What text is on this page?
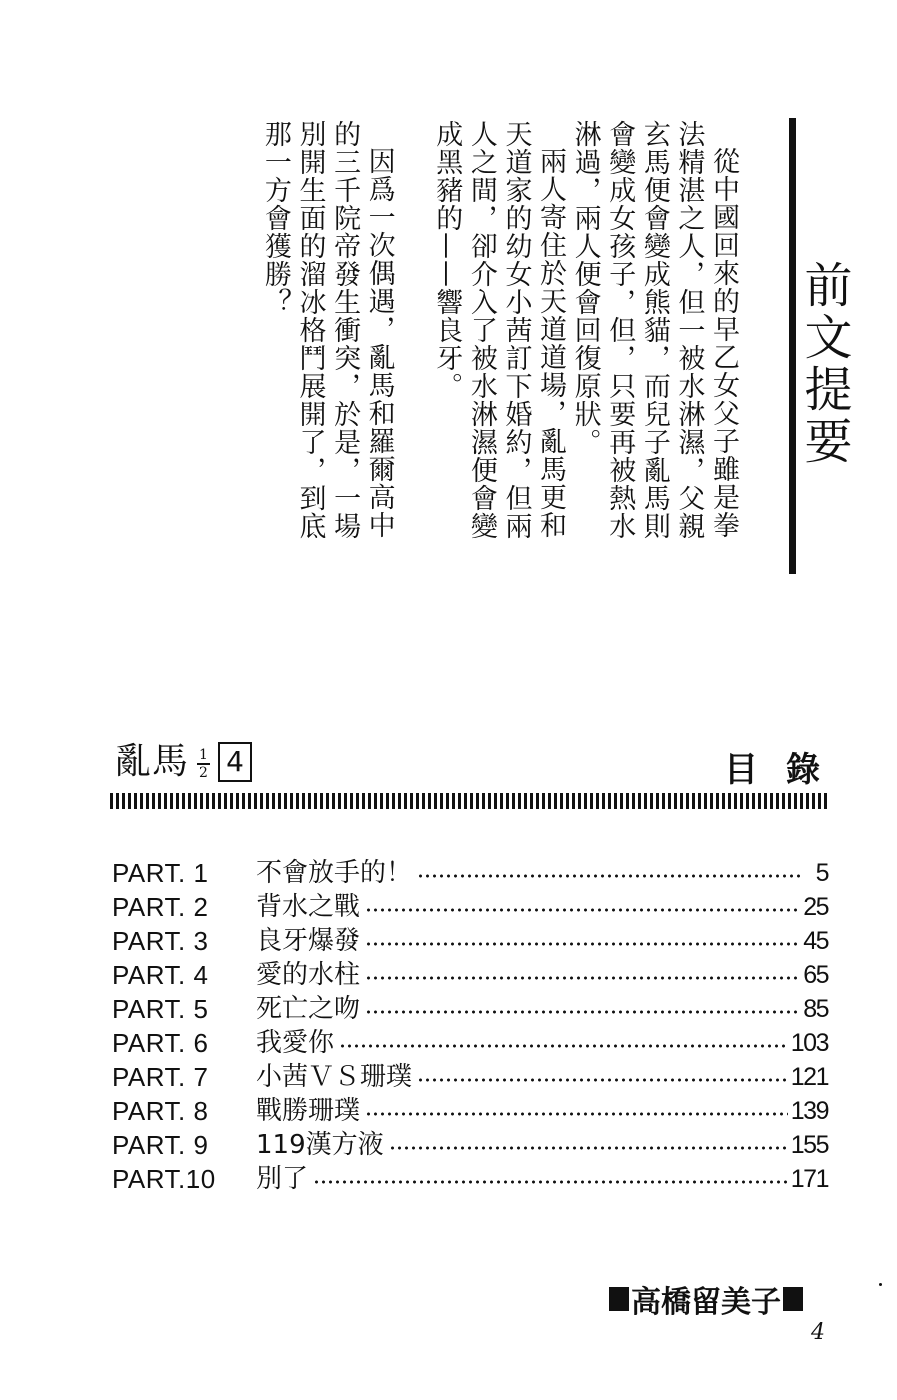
前文提要

從中國回來的早乙女父子雖是拳法精湛之人，但一被水淋濕，父親玄馬便會變成熊貓，而兒子亂馬則會變成女孩子，但，只要再被熱水淋過，兩人便會回復原狀。

兩人寄住於天道道場，亂馬更和天道家的幼女小茜訂下婚約，但兩人之間，卻介入了被水淋濕便會變成黑豬的——響良牙。

因爲一次偶遇，亂馬和羅爾高中的三千院帝發生衝突，於是，一場別開生面的溜冰格鬥展開了，到底那一方會獲勝？

亂馬 $\frac{1}{2} 4$	目錄
PART. 1	不會放手的！	5
PART. 2	背水之戰	25
PART. 3	良牙爆發	45
PART. 4	愛的水柱	65
PART. 5	死亡之吻	85
PART. 6	我愛你	103
PART. 7	小茜ＶＳ珊璞	121
PART. 8	戰勝珊璞	139
PART. 9	119漢方液	155
PART.10	別了	171
高橋留美子
4
